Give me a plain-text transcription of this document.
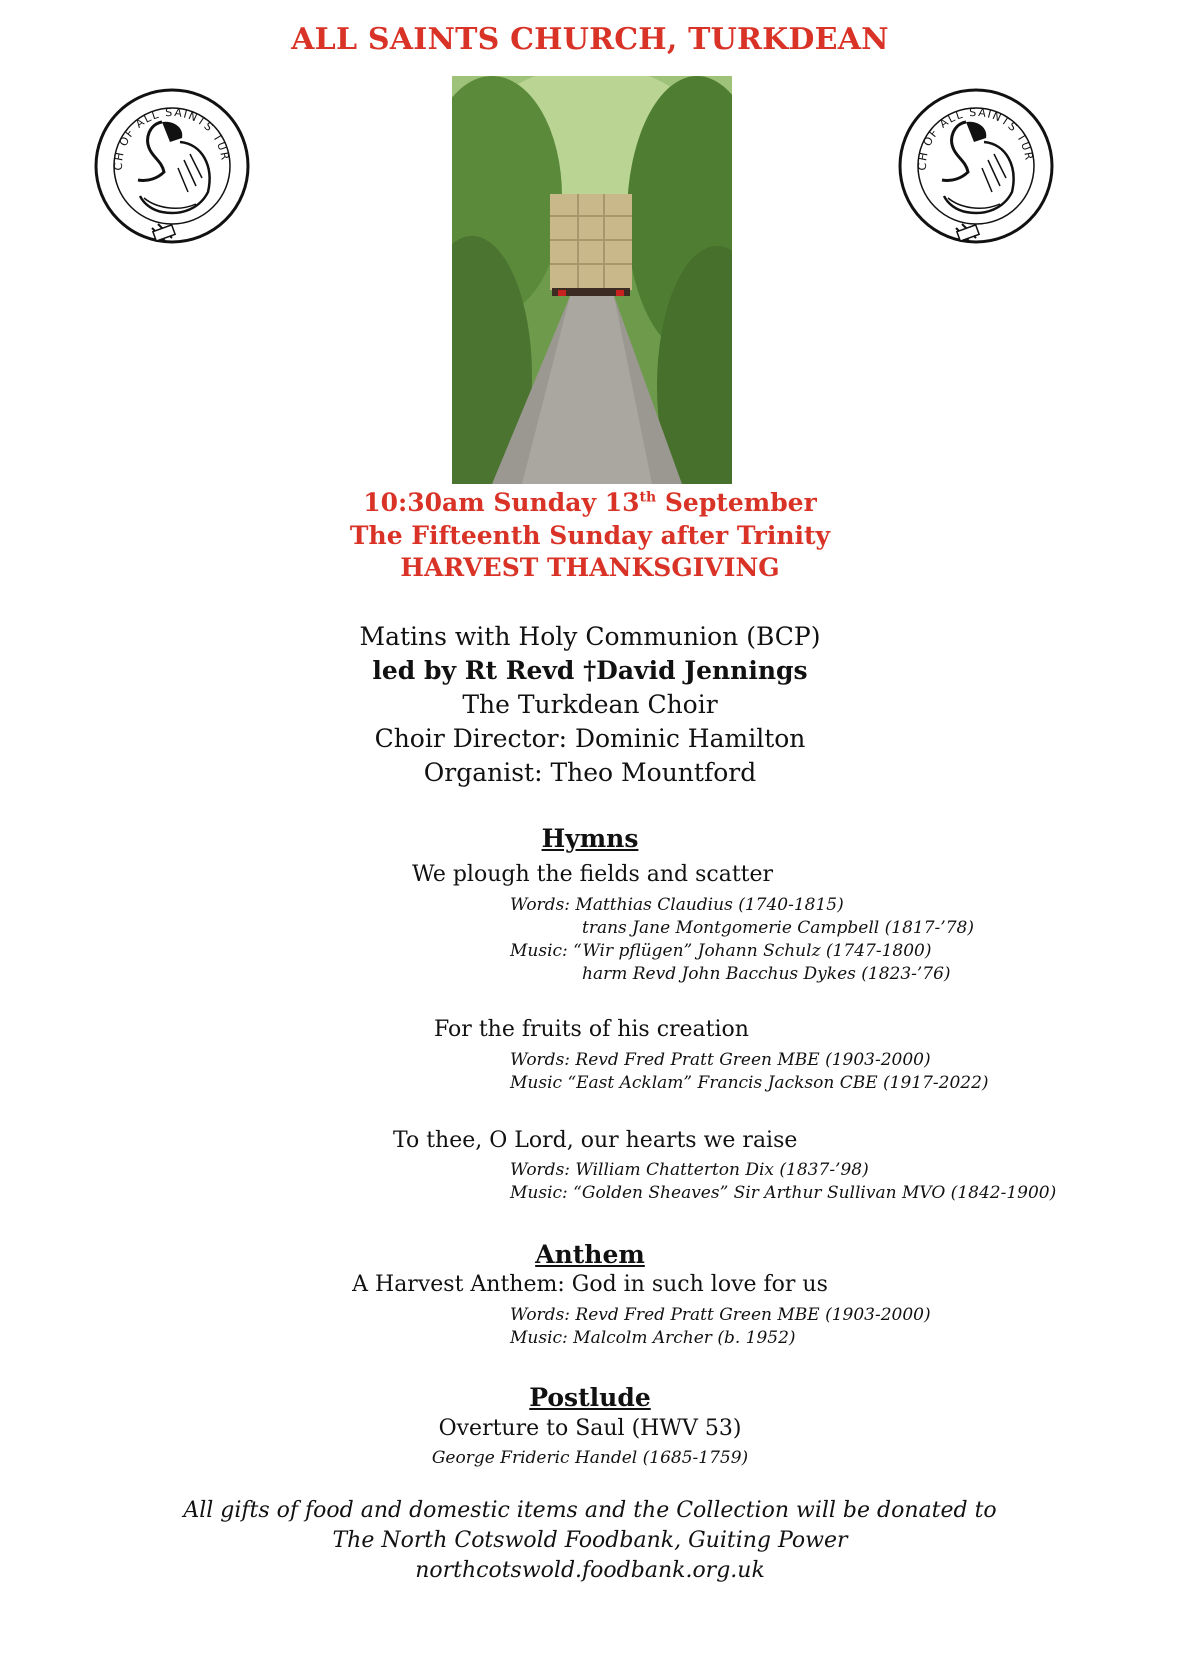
ALL SAINTS CHURCH, TURKDEAN
CH OF ALL SAINTS TUR
CH OF ALL SAINTS TUR
10:30am Sunday 13th September
The Fifteenth Sunday after Trinity
HARVEST THANKSGIVING
Matins with Holy Communion (BCP)
led by Rt Revd †David Jennings
The Turkdean Choir
Choir Director: Dominic Hamilton
Organist: Theo Mountford
Hymns
We plough the fields and scatter
Words: Matthias Claudius (1740-1815)
trans Jane Montgomerie Campbell (1817-’78)
Music: “Wir pflügen” Johann Schulz (1747-1800)
harm Revd John Bacchus Dykes (1823-’76)
For the fruits of his creation
Words: Revd Fred Pratt Green MBE (1903-2000)
Music “East Acklam” Francis Jackson CBE (1917-2022)
To thee, O Lord, our hearts we raise
Words: William Chatterton Dix (1837-’98)
Music: “Golden Sheaves” Sir Arthur Sullivan MVO (1842-1900)
Anthem
A Harvest Anthem: God in such love for us
Words: Revd Fred Pratt Green MBE (1903-2000)
Music: Malcolm Archer (b. 1952)
Postlude
Overture to Saul (HWV 53)
George Frideric Handel (1685-1759)
All gifts of food and domestic items and the Collection will be donated to
The North Cotswold Foodbank, Guiting Power
northcotswold.foodbank.org.uk
